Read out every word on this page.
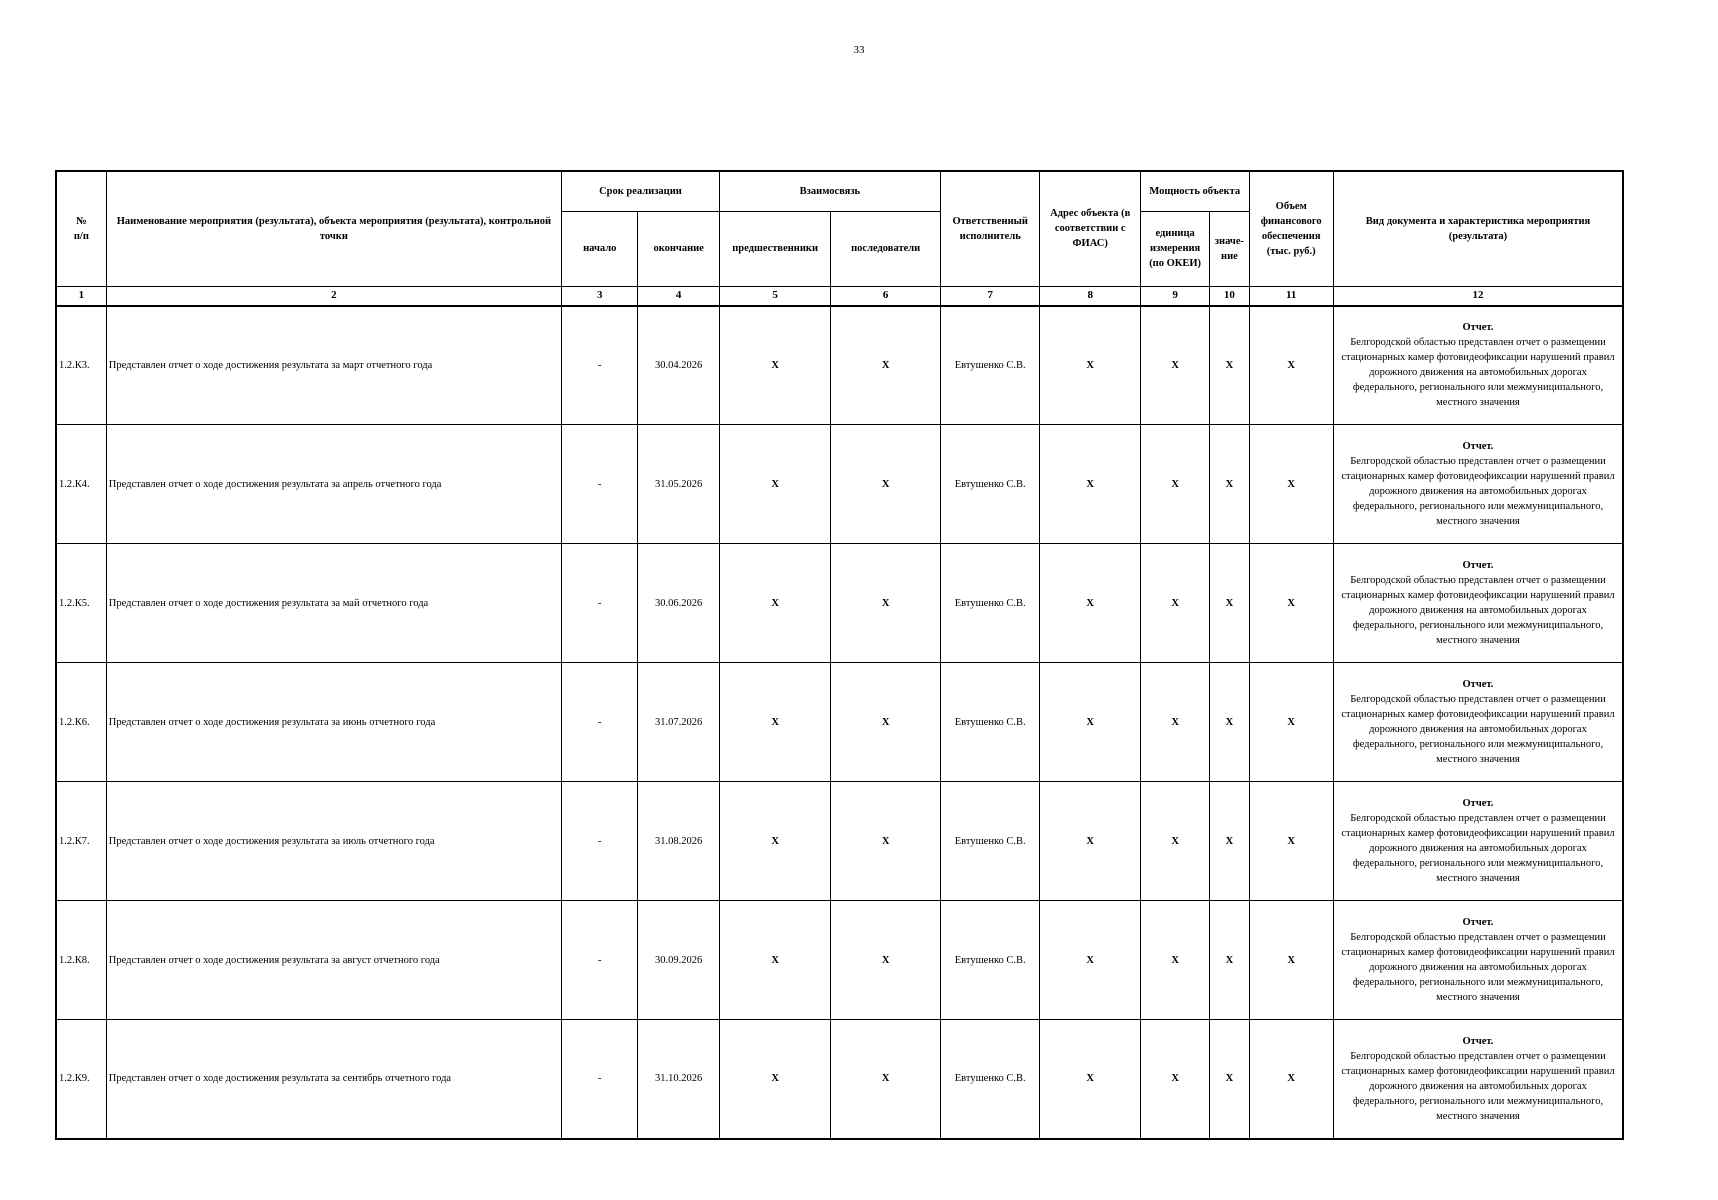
33
№
п/п	Наименование мероприятия (результата), объекта мероприятия (результата), контрольной точки	Срок реализации		Взаимосвязь		Ответственный исполнитель	Адрес объекта (в соответствии с ФИАС)	Мощность объекта		Объем финансового обеспечения (тыс. руб.)	Вид документа и характеристика мероприятия (результата)
		начало	окончание	предшественники	последователи			единица измерения (по ОКЕИ)	значе-ние		
1	2	3	4	5	6	7	8	9	10	11	12
1.2.К3.	Представлен отчет о ходе достижения результата за март отчетного года	-	30.04.2026	X	X	Евтушенко С.В.	X	X	X	X	Отчет.
Белгородской областью представлен отчет о размещении стационарных камер фотовидеофиксации нарушений правил дорожного движения на автомобильных дорогах федерального, регионального или межмуниципального, местного значения

1.2.К4.	Представлен отчет о ходе достижения результата за апрель отчетного года	-	31.05.2026	X	X	Евтушенко С.В.	X	X	X	X	Отчет.
Белгородской областью представлен отчет о размещении стационарных камер фотовидеофиксации нарушений правил дорожного движения на автомобильных дорогах федерального, регионального или межмуниципального, местного значения

1.2.К5.	Представлен отчет о ходе достижения результата за май отчетного года	-	30.06.2026	X	X	Евтушенко С.В.	X	X	X	X	Отчет.
Белгородской областью представлен отчет о размещении стационарных камер фотовидеофиксации нарушений правил дорожного движения на автомобильных дорогах федерального, регионального или межмуниципального, местного значения

1.2.К6.	Представлен отчет о ходе достижения результата за июнь отчетного года	-	31.07.2026	X	X	Евтушенко С.В.	X	X	X	X	Отчет.
Белгородской областью представлен отчет о размещении стационарных камер фотовидеофиксации нарушений правил дорожного движения на автомобильных дорогах федерального, регионального или межмуниципального, местного значения

1.2.К7.	Представлен отчет о ходе достижения результата за июль отчетного года	-	31.08.2026	X	X	Евтушенко С.В.	X	X	X	X	Отчет.
Белгородской областью представлен отчет о размещении стационарных камер фотовидеофиксации нарушений правил дорожного движения на автомобильных дорогах федерального, регионального или межмуниципального, местного значения

1.2.К8.	Представлен отчет о ходе достижения результата за август отчетного года	-	30.09.2026	X	X	Евтушенко С.В.	X	X	X	X	Отчет.
Белгородской областью представлен отчет о размещении стационарных камер фотовидеофиксации нарушений правил дорожного движения на автомобильных дорогах федерального, регионального или межмуниципального, местного значения

1.2.К9.	Представлен отчет о ходе достижения результата за сентябрь отчетного года	-	31.10.2026	X	X	Евтушенко С.В.	X	X	X	X	Отчет.
Белгородской областью представлен отчет о размещении стационарных камер фотовидеофиксации нарушений правил дорожного движения на автомобильных дорогах федерального, регионального или межмуниципального, местного значения
